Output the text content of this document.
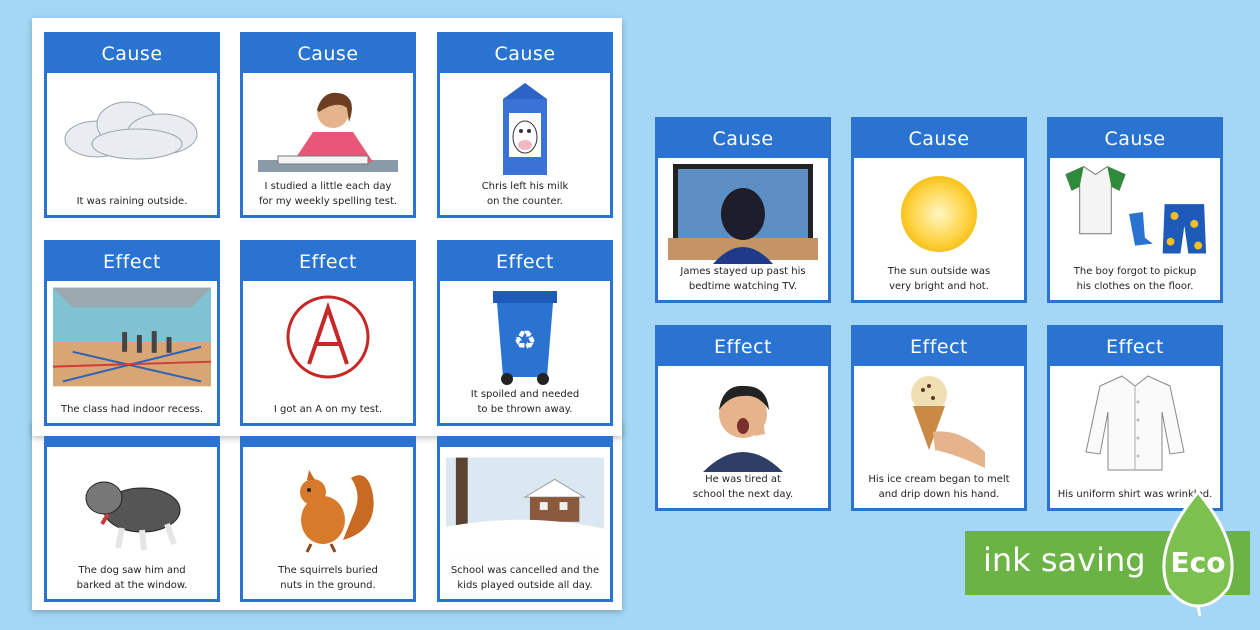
Cause
It was raining outside.
Cause
I studied a little each day
for my weekly spelling test.
Cause
Chris left his milk
on the counter.
Effect
The class had indoor recess.
Effect
I got an A on my test.
Effect
♻
It spoiled and needed
to be thrown away.
The dog saw him and
barked at the window.
The squirrels buried
nuts in the ground.
School was cancelled and the
kids played outside all day.
Cause
James stayed up past his
bedtime watching TV.
Cause
The sun outside was
very bright and hot.
Cause
The boy forgot to pickup
his clothes on the floor.
Effect
He was tired at
school the next day.
Effect
His ice cream began to melt
and drip down his hand.
Effect
His uniform shirt was wrinkled.
ink saving Eco
